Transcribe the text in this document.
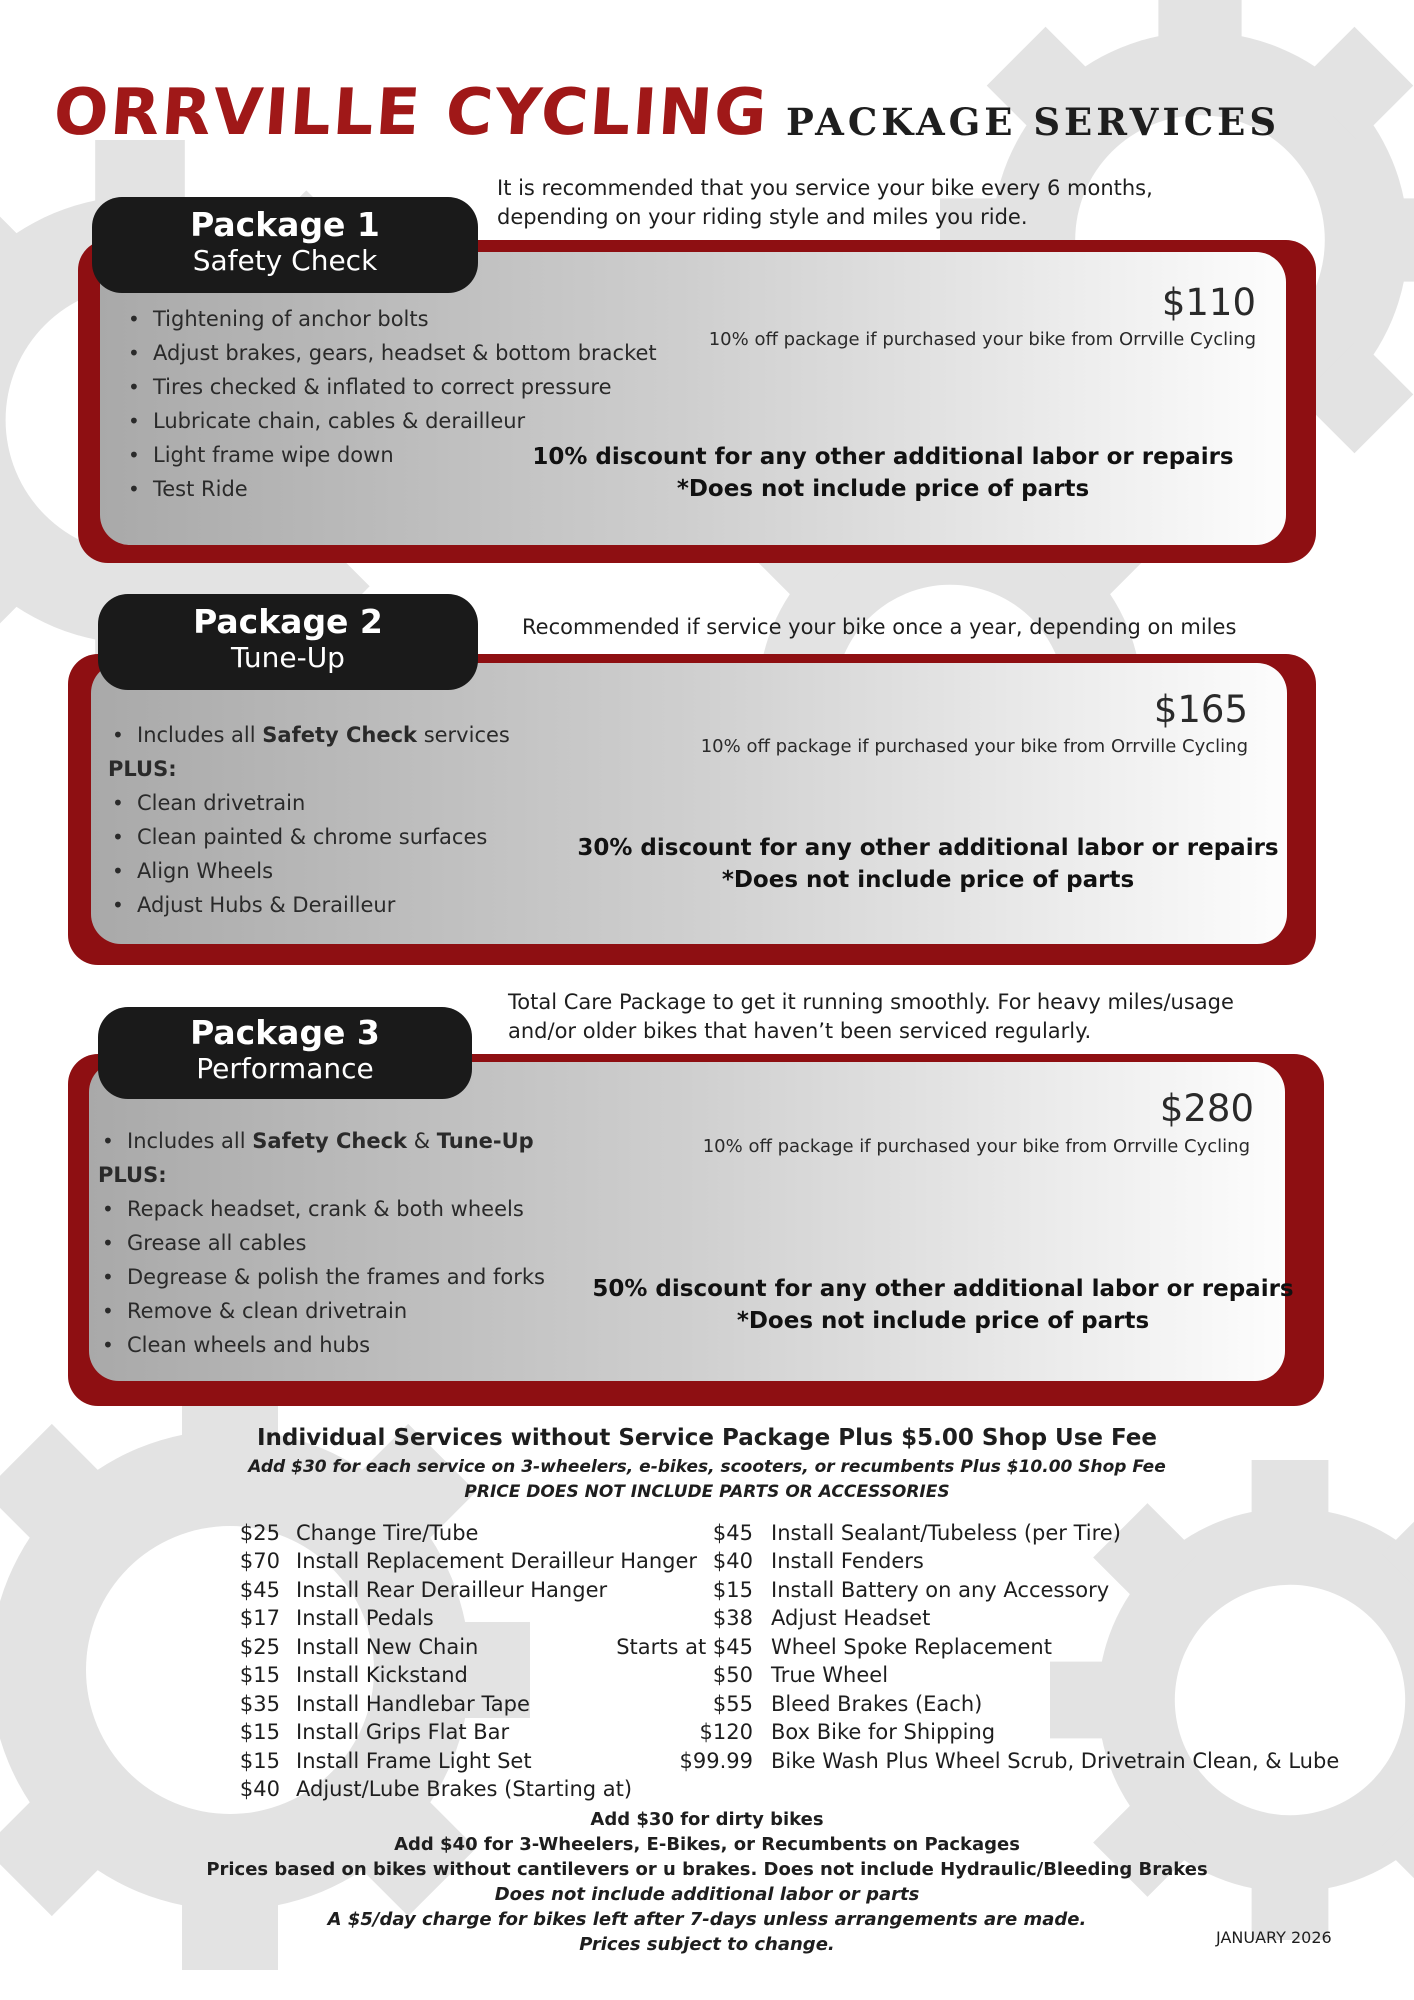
ORRVILLE CYCLING PACKAGE SERVICES
It is recommended that you service your bike every 6 months,
depending on your riding style and miles you ride.
Package 1
Safety Check
• Tightening of anchor bolts
• Adjust brakes, gears, headset & bottom bracket
• Tires checked & inflated to correct pressure
• Lubricate chain, cables & derailleur
• Light frame wipe down
• Test Ride
$110
10% off package if purchased your bike from Orrville Cycling
10% discount for any other additional labor or repairs
*Does not include price of parts
Recommended if service your bike once a year, depending on miles
Package 2
Tune-Up
• Includes all Safety Check services
PLUS:
• Clean drivetrain
• Clean painted & chrome surfaces
• Align Wheels
• Adjust Hubs & Derailleur
$165
10% off package if purchased your bike from Orrville Cycling
30% discount for any other additional labor or repairs
*Does not include price of parts
Total Care Package to get it running smoothly. For heavy miles/usage
and/or older bikes that haven’t been serviced regularly.
Package 3
Performance
• Includes all Safety Check & Tune-Up
PLUS:
• Repack headset, crank & both wheels
• Grease all cables
• Degrease & polish the frames and forks
• Remove & clean drivetrain
• Clean wheels and hubs
$280
10% off package if purchased your bike from Orrville Cycling
50% discount for any other additional labor or repairs
*Does not include price of parts
Individual Services without Service Package Plus $5.00 Shop Use Fee
Add $30 for each service on 3-wheelers, e-bikes, scooters, or recumbents Plus $10.00 Shop Fee
PRICE DOES NOT INCLUDE PARTS OR ACCESSORIES
$25 Change Tire/Tube
$70 Install Replacement Derailleur Hanger
$45 Install Rear Derailleur Hanger
$17 Install Pedals
$25 Install New Chain
$15 Install Kickstand
$35 Install Handlebar Tape
$15 Install Grips Flat Bar
$15 Install Frame Light Set
$40 Adjust/Lube Brakes (Starting at)
$45 Install Sealant/Tubeless (per Tire)
$40 Install Fenders
$15 Install Battery on any Accessory
$38 Adjust Headset
Starts at $45 Wheel Spoke Replacement
$50 True Wheel
$55 Bleed Brakes (Each)
$120 Box Bike for Shipping
$99.99 Bike Wash Plus Wheel Scrub, Drivetrain Clean, & Lube
Add $30 for dirty bikes
Add $40 for 3-Wheelers, E-Bikes, or Recumbents on Packages
Prices based on bikes without cantilevers or u brakes. Does not include Hydraulic/Bleeding Brakes
Does not include additional labor or parts
A $5/day charge for bikes left after 7-days unless arrangements are made.
Prices subject to change.	JANUARY 2026
